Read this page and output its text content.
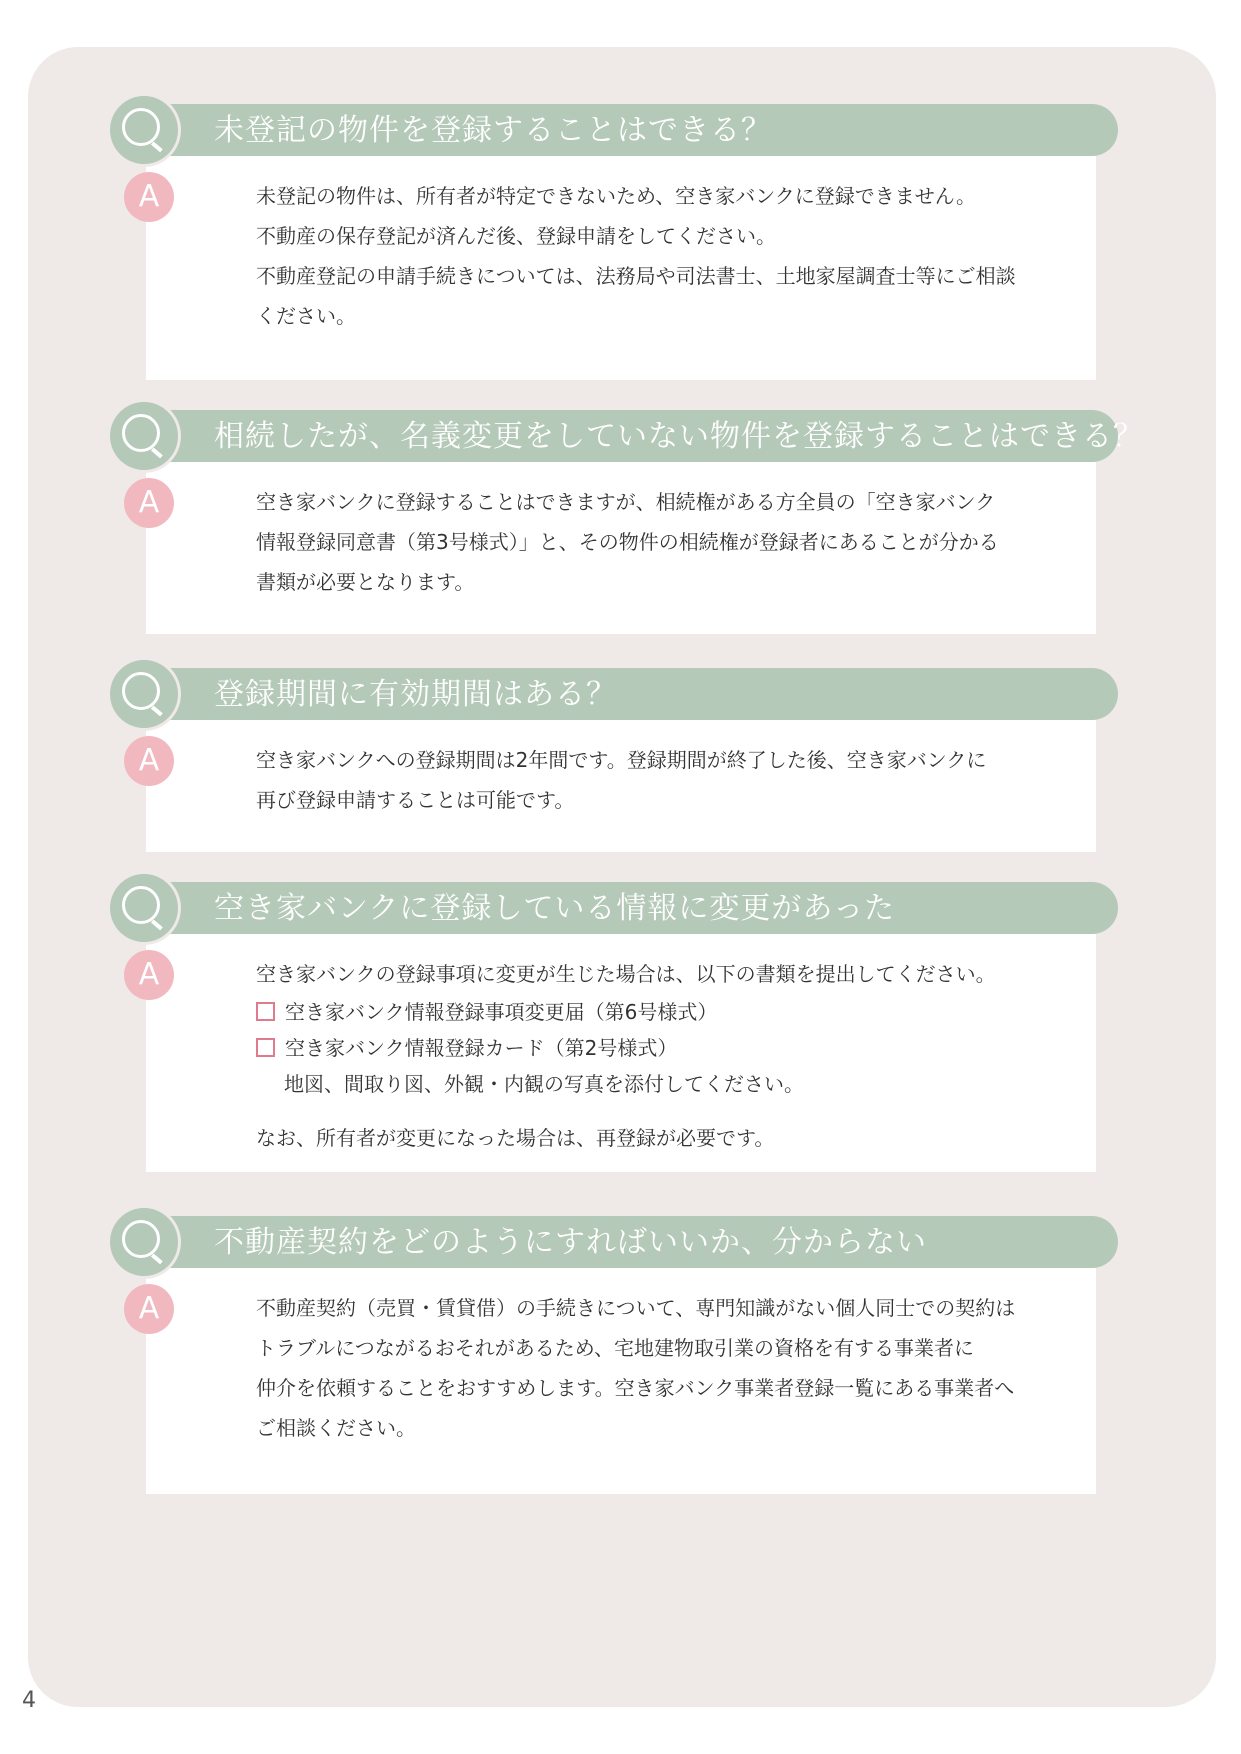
未登記の物件は、所有者が特定できないため、空き家バンクに登録できません。
不動産の保存登記が済んだ後、登録申請をしてください。
不動産登記の申請手続きについては、法務局や司法書士、土地家屋調査士等にご相談
ください。
未登記の物件を登録することはできる？
A
空き家バンクに登録することはできますが、相続権がある方全員の「空き家バンク
情報登録同意書（第3号様式）」と、その物件の相続権が登録者にあることが分かる
書類が必要となります。
相続したが、名義変更をしていない物件を登録することはできる？
A
空き家バンクへの登録期間は2年間です。登録期間が終了した後、空き家バンクに
再び登録申請することは可能です。
登録期間に有効期間はある？
A
空き家バンクの登録事項に変更が生じた場合は、以下の書類を提出してください。
空き家バンク情報登録事項変更届（第6号様式）
空き家バンク情報登録カード（第2号様式）
地図、間取り図、外観・内観の写真を添付してください。
なお、所有者が変更になった場合は、再登録が必要です。
空き家バンクに登録している情報に変更があった
A
不動産契約（売買・賃貸借）の手続きについて、専門知識がない個人同士での契約は
トラブルにつながるおそれがあるため、宅地建物取引業の資格を有する事業者に
仲介を依頼することをおすすめします。空き家バンク事業者登録一覧にある事業者へ
ご相談ください。
不動産契約をどのようにすればいいか、分からない
A
4
